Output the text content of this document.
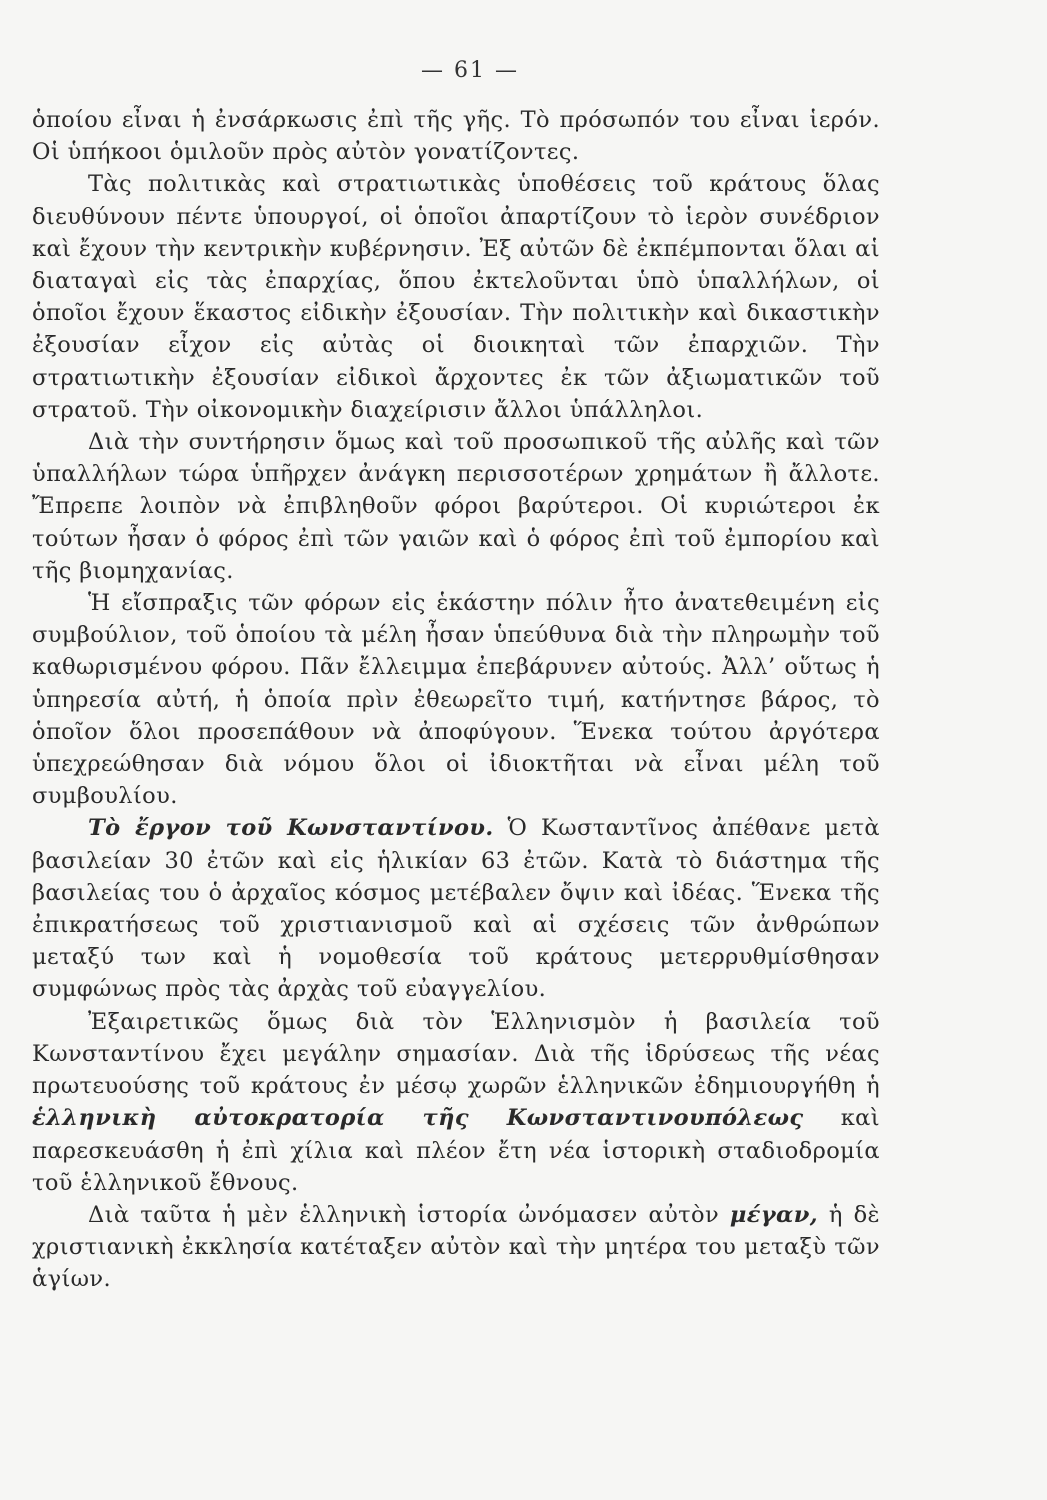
— 61 —

ὁποίου εἶναι ἡ ἐνσάρκωσις ἐπὶ τῆς γῆς. Τὸ πρόσωπόν του εἶναι ἱερόν. Οἱ ὑπήκοοι ὁμιλοῦν πρὸς αὐτὸν γονατίζοντες.

Τὰς πολιτικὰς καὶ στρατιωτικὰς ὑποθέσεις τοῦ κράτους ὅλας διευθύνουν πέντε ὑπουργοί, οἱ ὁποῖοι ἀπαρτίζουν τὸ ἱερὸν συνέδριον καὶ ἔχουν τὴν κεντρικὴν κυβέρνησιν. Ἐξ αὐτῶν δὲ ἐκπέμπονται ὅλαι αἱ διαταγαὶ εἰς τὰς ἐπαρχίας, ὅπου ἐκτελοῦνται ὑπὸ ὑπαλλήλων, οἱ ὁποῖοι ἔχουν ἕκαστος εἰδικὴν ἐξουσίαν. Τὴν πολιτικὴν καὶ δικαστικὴν ἐξουσίαν εἶχον εἰς αὐτὰς οἱ διοικηταὶ τῶν ἐπαρχιῶν. Τὴν στρατιωτικὴν ἐξουσίαν εἰδικοὶ ἄρχοντες ἐκ τῶν ἀξιωματικῶν τοῦ στρατοῦ. Τὴν οἰκονομικὴν διαχείρισιν ἄλλοι ὑπάλληλοι.

Διὰ τὴν συντήρησιν ὅμως καὶ τοῦ προσωπικοῦ τῆς αὐλῆς καὶ τῶν ὑπαλλήλων τώρα ὑπῆρχεν ἀνάγκη περισσοτέρων χρημάτων ἢ ἄλλοτε. Ἔπρεπε λοιπὸν νὰ ἐπιβληθοῦν φόροι βαρύτεροι. Οἱ κυριώτεροι ἐκ τούτων ἦσαν ὁ φόρος ἐπὶ τῶν γαιῶν καὶ ὁ φόρος ἐπὶ τοῦ ἐμπορίου καὶ τῆς βιομηχανίας.

Ἡ εἴσπραξις τῶν φόρων εἰς ἑκάστην πόλιν ἦτο ἀνατεθειμένη εἰς συμβούλιον, τοῦ ὁποίου τὰ μέλη ἦσαν ὑπεύθυνα διὰ τὴν πληρωμὴν τοῦ καθωρισμένου φόρου. Πᾶν ἔλλειμμα ἐπεβάρυνεν αὐτούς. Ἀλλ’ οὕτως ἡ ὑπηρεσία αὐτή, ἡ ὁποία πρὶν ἐθεωρεῖτο τιμή, κατήντησε βάρος, τὸ ὁποῖον ὅλοι προσεπάθουν νὰ ἀποφύγουν. Ἕνεκα τούτου ἀργότερα ὑπεχρεώθησαν διὰ νόμου ὅλοι οἱ ἰδιοκτῆται νὰ εἶναι μέλη τοῦ συμβουλίου.

Τὸ ἔργον τοῦ Κωνσταντίνου. Ὁ Κωσταντῖνος ἀπέθανε μετὰ βασιλείαν 30 ἐτῶν καὶ εἰς ἡλικίαν 63 ἐτῶν. Κατὰ τὸ διάστημα τῆς βασιλείας του ὁ ἀρχαῖος κόσμος μετέβαλεν ὄψιν καὶ ἰδέας. Ἕνεκα τῆς ἐπικρατήσεως τοῦ χριστιανισμοῦ καὶ αἱ σχέσεις τῶν ἀνθρώπων μεταξύ των καὶ ἡ νομοθεσία τοῦ κράτους μετερρυθμίσθησαν συμφώνως πρὸς τὰς ἀρχὰς τοῦ εὐαγγελίου.

Ἐξαιρετικῶς ὅμως διὰ τὸν Ἑλληνισμὸν ἡ βασιλεία τοῦ Κωνσταντίνου ἔχει μεγάλην σημασίαν. Διὰ τῆς ἱδρύσεως τῆς νέας πρωτευούσης τοῦ κράτους ἐν μέσῳ χωρῶν ἑλληνικῶν ἐδημιουργήθη ἡ ἑλληνικὴ αὐτοκρατορία τῆς Κωνσταντινουπόλεως καὶ παρεσκευάσθη ἡ ἐπὶ χίλια καὶ πλέον ἔτη νέα ἱστορικὴ σταδιοδρομία τοῦ ἑλληνικοῦ ἔθνους.

Διὰ ταῦτα ἡ μὲν ἑλληνικὴ ἱστορία ὠνόμασεν αὐτὸν μέγαν, ἡ δὲ χριστιανικὴ ἐκκλησία κατέταξεν αὐτὸν καὶ τὴν μητέρα του μεταξὺ τῶν ἁγίων.
